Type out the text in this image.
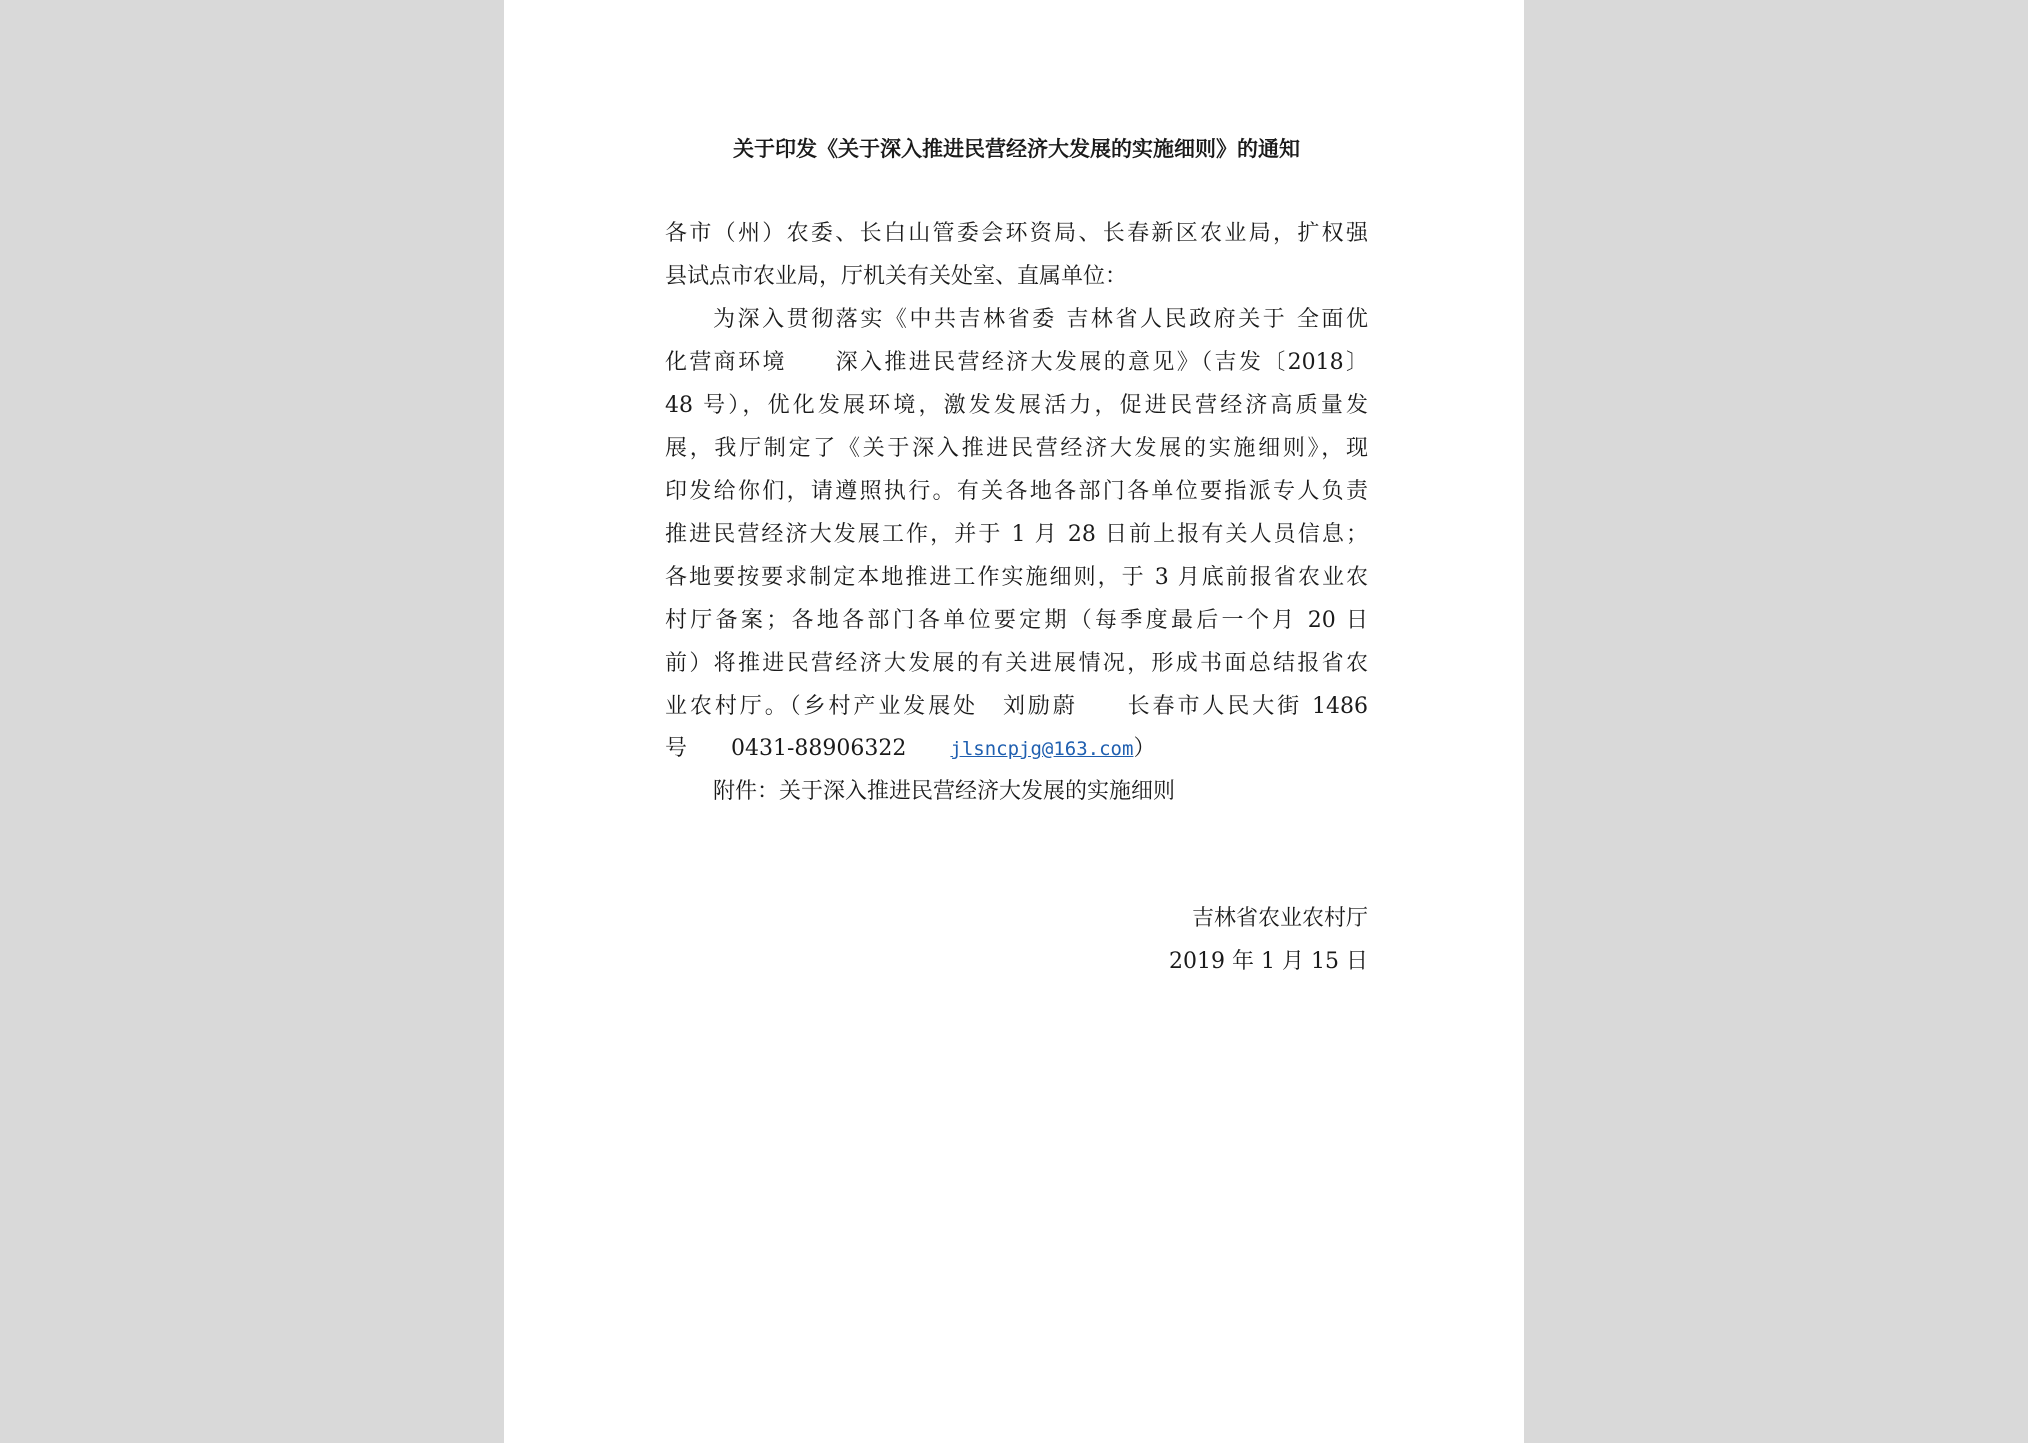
关于印发《关于深入推进民营经济大发展的实施细则》的通知
各市（州）农委、长白山管委会环资局、长春新区农业局，扩权强
县试点市农业局，厅机关有关处室、直属单位：
为深入贯彻落实《中共吉林省委 吉林省人民政府关于 全面优
化营商环境　　深入推进民营经济大发展的意见》（吉发〔2018〕
48 号），优化发展环境，激发发展活力，促进民营经济高质量发
展，我厅制定了《关于深入推进民营经济大发展的实施细则》，现
印发给你们，请遵照执行。有关各地各部门各单位要指派专人负责
推进民营经济大发展工作，并于 1 月 28 日前上报有关人员信息；
各地要按要求制定本地推进工作实施细则，于 3 月底前报省农业农
村厅备案；各地各部门各单位要定期（每季度最后一个月 20 日
前）将推进民营经济大发展的有关进展情况，形成书面总结报省农
业农村厅。（乡村产业发展处　刘励蔚　　长春市人民大街 1486
号　　0431-88906322　　jlsncpjg@163.com）
附件：关于深入推进民营经济大发展的实施细则
吉林省农业农村厅
2019 年 1 月 15 日
